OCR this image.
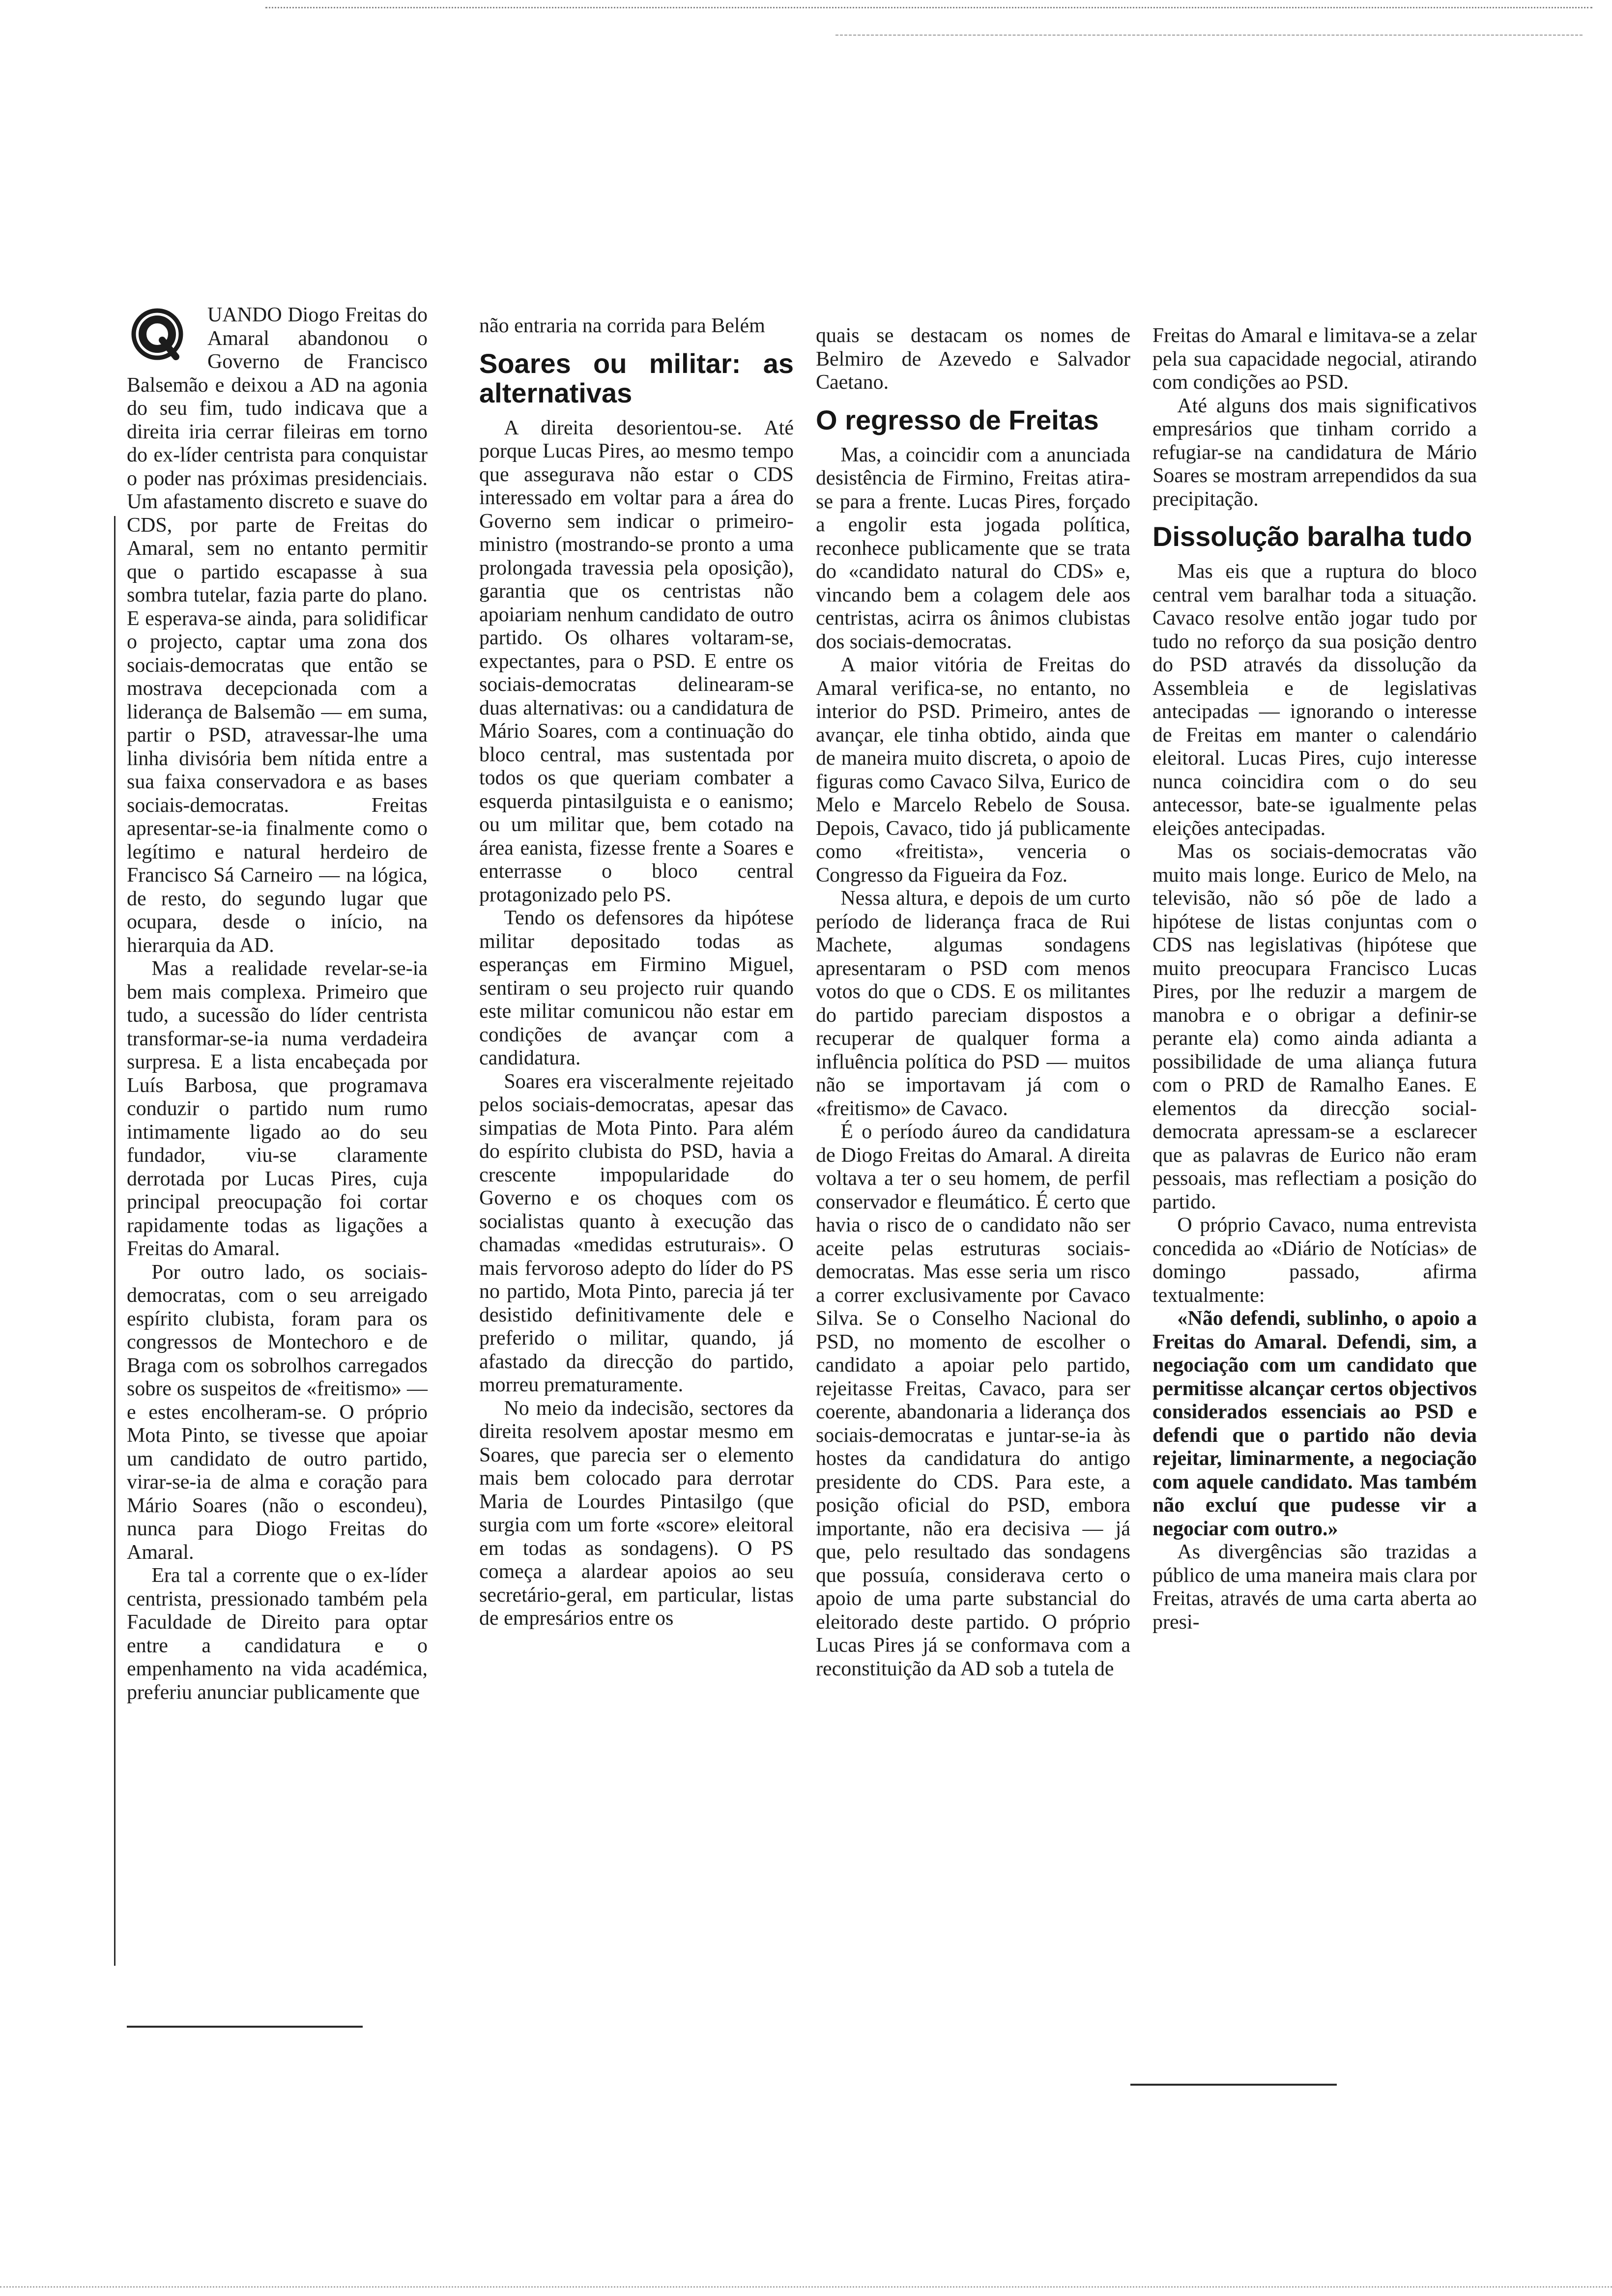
UANDO Diogo Freitas do Amaral abandonou o Governo de Francisco Balsemão e deixou a AD na agonia do seu fim, tudo indicava que a direita iria cerrar fileiras em torno do ex-líder centrista para conquistar o poder nas próximas presidenciais. Um afastamento discreto e suave do CDS, por parte de Freitas do Amaral, sem no entanto permitir que o partido escapasse à sua sombra tutelar, fazia parte do plano. E esperava-se ainda, para solidificar o projecto, captar uma zona dos sociais-democratas que então se mostrava decepcionada com a liderança de Balsemão — em suma, partir o PSD, atravessar-lhe uma linha divisória bem nítida entre a sua faixa conservadora e as bases sociais-democratas. Freitas apresentar-se-ia finalmente como o legítimo e natural herdeiro de Francisco Sá Carneiro — na lógica, de resto, do segundo lugar que ocupara, desde o início, na hierarquia da AD.

Mas a realidade revelar-se-ia bem mais complexa. Primeiro que tudo, a sucessão do líder centrista transformar-se-ia numa verdadeira surpresa. E a lista encabeçada por Luís Barbosa, que programava conduzir o partido num rumo intimamente ligado ao do seu fundador, viu-se claramente derrotada por Lucas Pires, cuja principal preocupação foi cortar rapidamente todas as ligações a Freitas do Amaral.

Por outro lado, os sociais-democratas, com o seu arreigado espírito clubista, foram para os congressos de Montechoro e de Braga com os sobrolhos carregados sobre os suspeitos de «freitismo» — e estes encolheram-se. O próprio Mota Pinto, se tivesse que apoiar um candidato de outro partido, virar-se-ia de alma e coração para Mário Soares (não o escondeu), nunca para Diogo Freitas do Amaral.

Era tal a corrente que o ex-líder centrista, pressionado também pela Faculdade de Direito para optar entre a candidatura e o empenhamento na vida académica, preferiu anunciar publicamente que

não entraria na corrida para Belém

Soares ou militar: as alternativas

A direita desorientou-se. Até porque Lucas Pires, ao mesmo tempo que assegurava não estar o CDS interessado em voltar para a área do Governo sem indicar o primeiro-ministro (mostrando-se pronto a uma prolongada travessia pela oposição), garantia que os centristas não apoiariam nenhum candidato de outro partido. Os olhares voltaram-se, expectantes, para o PSD. E entre os sociais-democratas delinearam-se duas alternativas: ou a candidatura de Mário Soares, com a continuação do bloco central, mas sustentada por todos os que queriam combater a esquerda pintasilguista e o eanismo; ou um militar que, bem cotado na área eanista, fizesse frente a Soares e enterrasse o bloco central protagonizado pelo PS.

Tendo os defensores da hipótese militar depositado todas as esperanças em Firmino Miguel, sentiram o seu projecto ruir quando este militar comunicou não estar em condições de avançar com a candidatura.

Soares era visceralmente rejeitado pelos sociais-democratas, apesar das simpatias de Mota Pinto. Para além do espírito clubista do PSD, havia a crescente impopularidade do Governo e os choques com os socialistas quanto à execução das chamadas «medidas estruturais». O mais fervoroso adepto do líder do PS no partido, Mota Pinto, parecia já ter desistido definitivamente dele e preferido o militar, quando, já afastado da direcção do partido, morreu prematuramente.

No meio da indecisão, sectores da direita resolvem apostar mesmo em Soares, que parecia ser o elemento mais bem colocado para derrotar Maria de Lourdes Pintasilgo (que surgia com um forte «score» eleitoral em todas as sondagens). O PS começa a alardear apoios ao seu secretário-geral, em particular, listas de empresários entre os

quais se destacam os nomes de Belmiro de Azevedo e Salvador Caetano.

O regresso de Freitas

Mas, a coincidir com a anunciada desistência de Firmino, Freitas atira-se para a frente. Lucas Pires, forçado a engolir esta jogada política, reconhece publicamente que se trata do «candidato natural do CDS» e, vincando bem a colagem dele aos centristas, acirra os ânimos clubistas dos sociais-democratas.

A maior vitória de Freitas do Amaral verifica-se, no entanto, no interior do PSD. Primeiro, antes de avançar, ele tinha obtido, ainda que de maneira muito discreta, o apoio de figuras como Cavaco Silva, Eurico de Melo e Marcelo Rebelo de Sousa. Depois, Cavaco, tido já publicamente como «freitista», venceria o Congresso da Figueira da Foz.

Nessa altura, e depois de um curto período de liderança fraca de Rui Machete, algumas sondagens apresentaram o PSD com menos votos do que o CDS. E os militantes do partido pareciam dispostos a recuperar de qualquer forma a influência política do PSD — muitos não se importavam já com o «freitismo» de Cavaco.

É o período áureo da candidatura de Diogo Freitas do Amaral. A direita voltava a ter o seu homem, de perfil conservador e fleumático. É certo que havia o risco de o candidato não ser aceite pelas estruturas sociais-democratas. Mas esse seria um risco a correr exclusivamente por Cavaco Silva. Se o Conselho Nacional do PSD, no momento de escolher o candidato a apoiar pelo partido, rejeitasse Freitas, Cavaco, para ser coerente, abandonaria a liderança dos sociais-democratas e juntar-se-ia às hostes da candidatura do antigo presidente do CDS. Para este, a posição oficial do PSD, embora importante, não era decisiva — já que, pelo resultado das sondagens que possuía, considerava certo o apoio de uma parte substancial do eleitorado deste partido. O próprio Lucas Pires já se conformava com a reconstituição da AD sob a tutela de

Freitas do Amaral e limitava-se a zelar pela sua capacidade negocial, atirando com condições ao PSD.

Até alguns dos mais significativos empresários que tinham corrido a refugiar-se na candidatura de Mário Soares se mostram arrependidos da sua precipitação.

Dissolução baralha tudo

Mas eis que a ruptura do bloco central vem baralhar toda a situação. Cavaco resolve então jogar tudo por tudo no reforço da sua posição dentro do PSD através da dissolução da Assembleia e de legislativas antecipadas — ignorando o interesse de Freitas em manter o calendário eleitoral. Lucas Pires, cujo interesse nunca coincidira com o do seu antecessor, bate-se igualmente pelas eleições antecipadas.

Mas os sociais-democratas vão muito mais longe. Eurico de Melo, na televisão, não só põe de lado a hipótese de listas conjuntas com o CDS nas legislativas (hipótese que muito preocupara Francisco Lucas Pires, por lhe reduzir a margem de manobra e o obrigar a definir-se perante ela) como ainda adianta a possibilidade de uma aliança futura com o PRD de Ramalho Eanes. E elementos da direcção social-democrata apressam-se a esclarecer que as palavras de Eurico não eram pessoais, mas reflectiam a posição do partido.

O próprio Cavaco, numa entrevista concedida ao «Diário de Notícias» de domingo passado, afirma textualmente:

«Não defendi, sublinho, o apoio a Freitas do Amaral. Defendi, sim, a negociação com um candidato que permitisse alcançar certos objectivos considerados essenciais ao PSD e defendi que o partido não devia rejeitar, liminarmente, a negociação com aquele candidato. Mas também não excluí que pudesse vir a negociar com outro.»

As divergências são trazidas a público de uma maneira mais clara por Freitas, através de uma carta aberta ao presi-
